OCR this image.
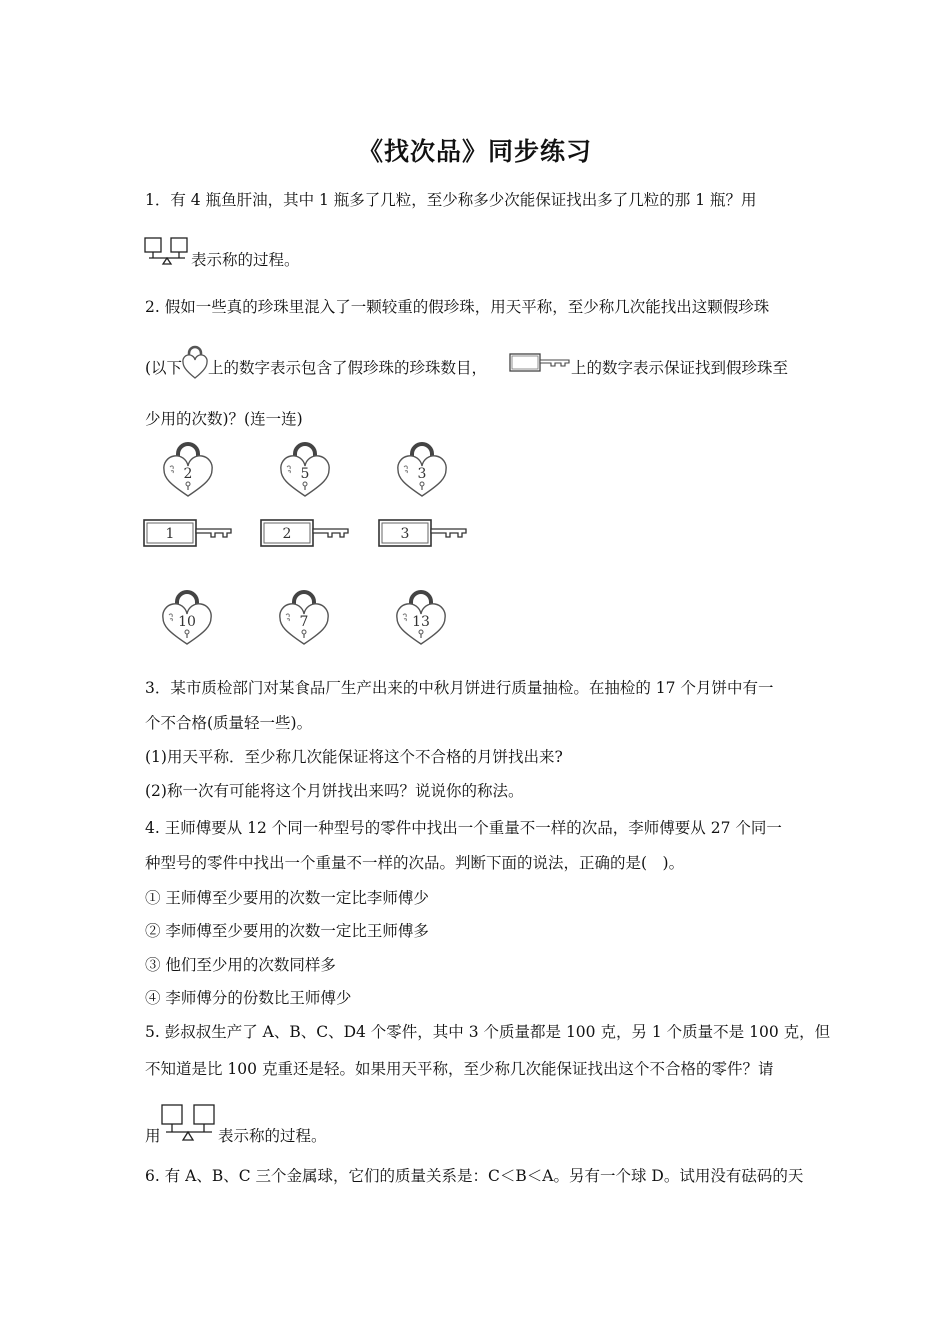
《找次品》同步练习
1．有 4 瓶鱼肝油，其中 1 瓶多了几粒，至少称多少次能保证找出多了几粒的那 1 瓶？用
表示称的过程。
2. 假如一些真的珍珠里混入了一颗较重的假珍珠，用天平称，至少称几次能找出这颗假珍珠
(以下 上的数字表示包含了假珍珠的珍珠数目，	上的数字表示保证找到假珍珠至
少用的次数)？(连一连)
2	5	3
1	2	3
10	7	13
3．某市质检部门对某食品厂生产出来的中秋月饼进行质量抽检。在抽检的 17 个月饼中有一
个不合格(质量轻一些)。
(1)用天平称．至少称几次能保证将这个不合格的月饼找出来?
(2)称一次有可能将这个月饼找出来吗？说说你的称法。
4. 王师傅要从 12 个同一种型号的零件中找出一个重量不一样的次品，李师傅要从 27 个同一
种型号的零件中找出一个重量不一样的次品。判断下面的说法，正确的是(　)。
① 王师傅至少要用的次数一定比李师傅少
② 李师傅至少要用的次数一定比王师傅多
③ 他们至少用的次数同样多
④ 李师傅分的份数比王师傅少
5. 彭叔叔生产了 A、B、C、D4 个零件，其中 3 个质量都是 100 克，另 1 个质量不是 100 克，但
不知道是比 100 克重还是轻。如果用天平称，至少称几次能保证找出这个不合格的零件？请
用	表示称的过程。
6. 有 A、B、C 三个金属球，它们的质量关系是：C＜B＜A。另有一个球 D。试用没有砝码的天
